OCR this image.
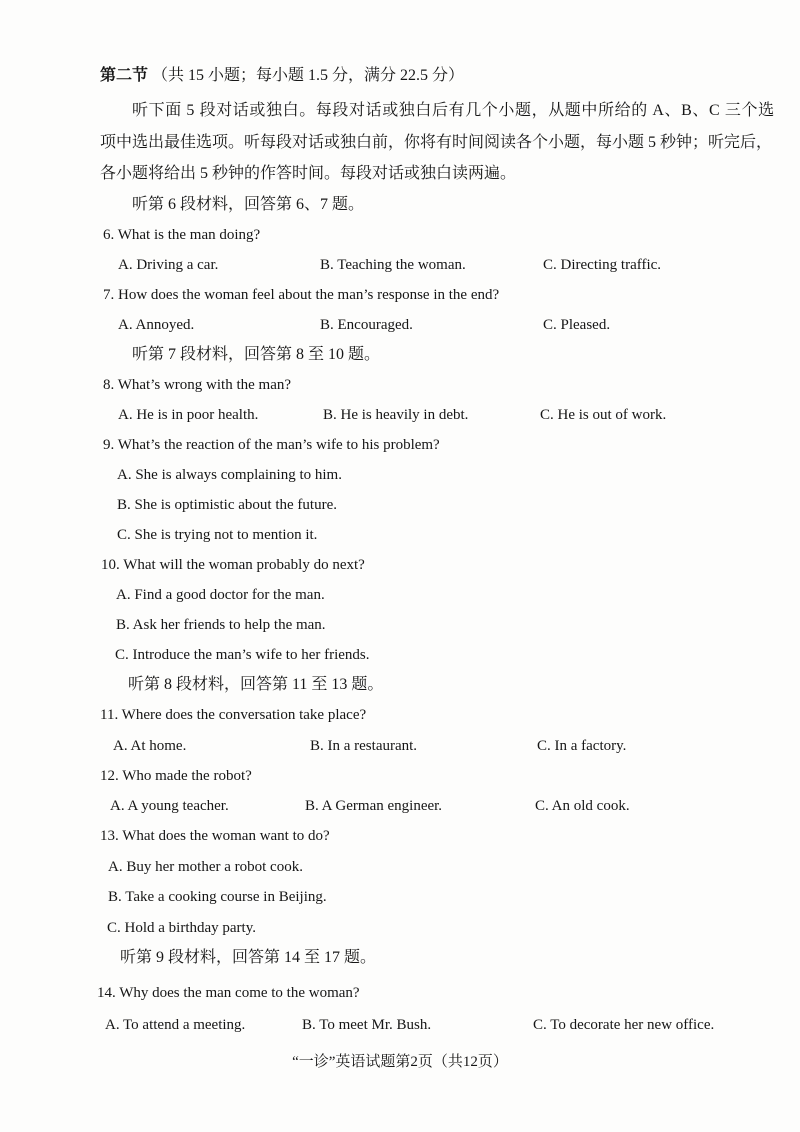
第二节 （共 15 小题；每小题 1.5 分，满分 22.5 分）
听下面 5 段对话或独白。每段对话或独白后有几个小题，从题中所给的 A、B、C 三个选
项中选出最佳选项。听每段对话或独白前，你将有时间阅读各个小题，每小题 5 秒钟；听完后，
各小题将给出 5 秒钟的作答时间。每段对话或独白读两遍。
听第 6 段材料，回答第 6、7 题。
6. What is the man doing?
A. Driving a car.	B. Teaching the woman.	C. Directing traffic.
7. How does the woman feel about the man’s response in the end?
A. Annoyed.	B. Encouraged.	C. Pleased.
听第 7 段材料，回答第 8 至 10 题。
8. What’s wrong with the man?
A. He is in poor health.	B. He is heavily in debt.	C. He is out of work.
9. What’s the reaction of the man’s wife to his problem?
A. She is always complaining to him.
B. She is optimistic about the future.
C. She is trying not to mention it.
10. What will the woman probably do next?
A. Find a good doctor for the man.
B. Ask her friends to help the man.
C. Introduce the man’s wife to her friends.
听第 8 段材料，回答第 11 至 13 题。
11. Where does the conversation take place?
A. At home.	B. In a restaurant.	C. In a factory.
12. Who made the robot?
A. A young teacher.	B. A German engineer.	C. An old cook.
13. What does the woman want to do?
A. Buy her mother a robot cook.
B. Take a cooking course in Beijing.
C. Hold a birthday party.
听第 9 段材料，回答第 14 至 17 题。
14. Why does the man come to the woman?
A. To attend a meeting.	B. To meet Mr. Bush.	C. To decorate her new office.
“一诊”英语试题第2页（共12页）
